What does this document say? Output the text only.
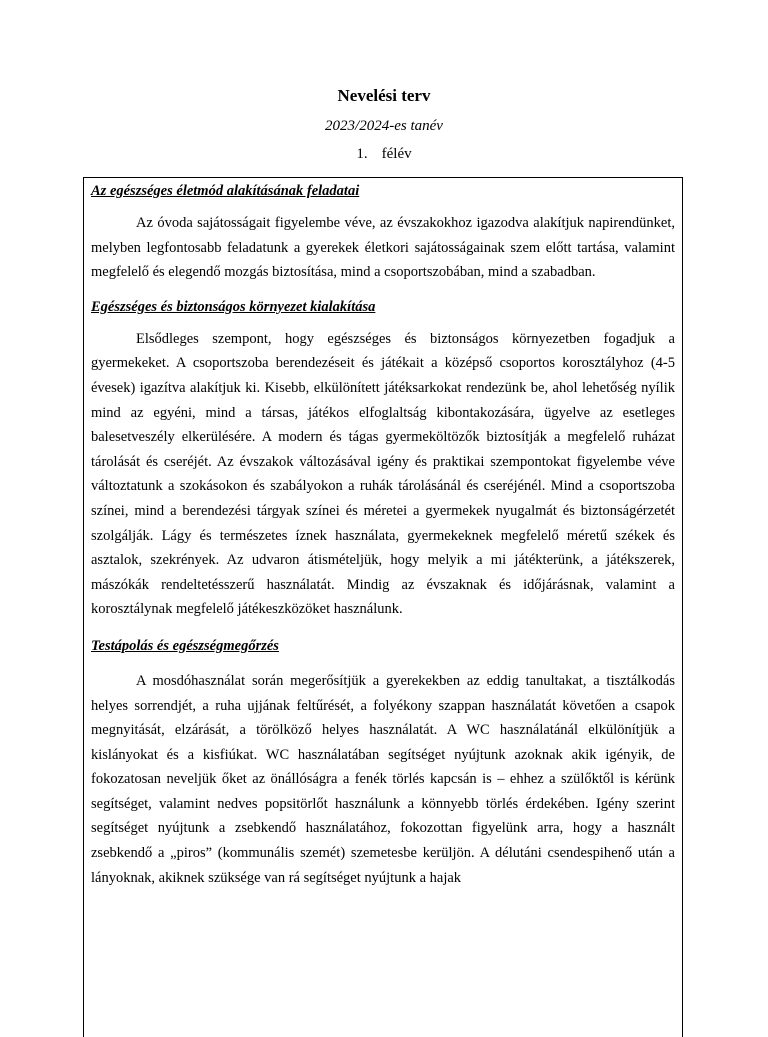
Nevelési terv
2023/2024-es tanév
1. félév

Az egészséges életmód alakításának feladatai

Az óvoda sajátosságait figyelembe véve, az évszakokhoz igazodva alakítjuk napirendünket, melyben legfontosabb feladatunk a gyerekek életkori sajátosságainak szem előtt tartása, valamint megfelelő és elegendő mozgás biztosítása, mind a csoportszobában, mind a szabadban.

Egészséges és biztonságos környezet kialakítása

Elsődleges szempont, hogy egészséges és biztonságos környezetben fogadjuk a gyermekeket. A csoportszoba berendezéseit és játékait a középső csoportos korosztályhoz (4-5 évesek) igazítva alakítjuk ki. Kisebb, elkülönített játéksarkokat rendezünk be, ahol lehetőség nyílik mind az egyéni, mind a társas, játékos elfoglaltság kibontakozására, ügyelve az esetleges balesetveszély elkerülésére. A modern és tágas gyermeköltözők biztosítják a megfelelő ruházat tárolását és cseréjét. Az évszakok változásával igény és praktikai szempontokat figyelembe véve változtatunk a szokásokon és szabályokon a ruhák tárolásánál és cseréjénél. Mind a csoportszoba színei, mind a berendezési tárgyak színei és méretei a gyermekek nyugalmát és biztonságérzetét szolgálják. Lágy és természetes íznek használata, gyermekeknek megfelelő méretű székek és asztalok, szekrények. Az udvaron átismételjük, hogy melyik a mi játékterünk, a játékszerek, mászókák rendeltetésszerű használatát. Mindig az évszaknak és időjárásnak, valamint a korosztálynak megfelelő játékeszközöket használunk.

Testápolás és egészségmegőrzés

A mosdóhasználat során megerősítjük a gyerekekben az eddig tanultakat, a tisztálkodás helyes sorrendjét, a ruha ujjának feltűrését, a folyékony szappan használatát követően a csapok megnyitását, elzárását, a törölköző helyes használatát. A WC használatánál elkülönítjük a kislányokat és a kisfiúkat. WC használatában segítséget nyújtunk azoknak akik igényik, de fokozatosan neveljük őket az önállóságra a fenék törlés kapcsán is – ehhez a szülőktől is kérünk segítséget, valamint nedves popsitörlőt használunk a könnyebb törlés érdekében. Igény szerint segítséget nyújtunk a zsebkendő használatához, fokozottan figyelünk arra, hogy a használt zsebkendő a „piros” (kommunális szemét) szemetesbe kerüljön. A délutáni csendespihenő után a lányoknak, akiknek szüksége van rá segítséget nyújtunk a hajak
